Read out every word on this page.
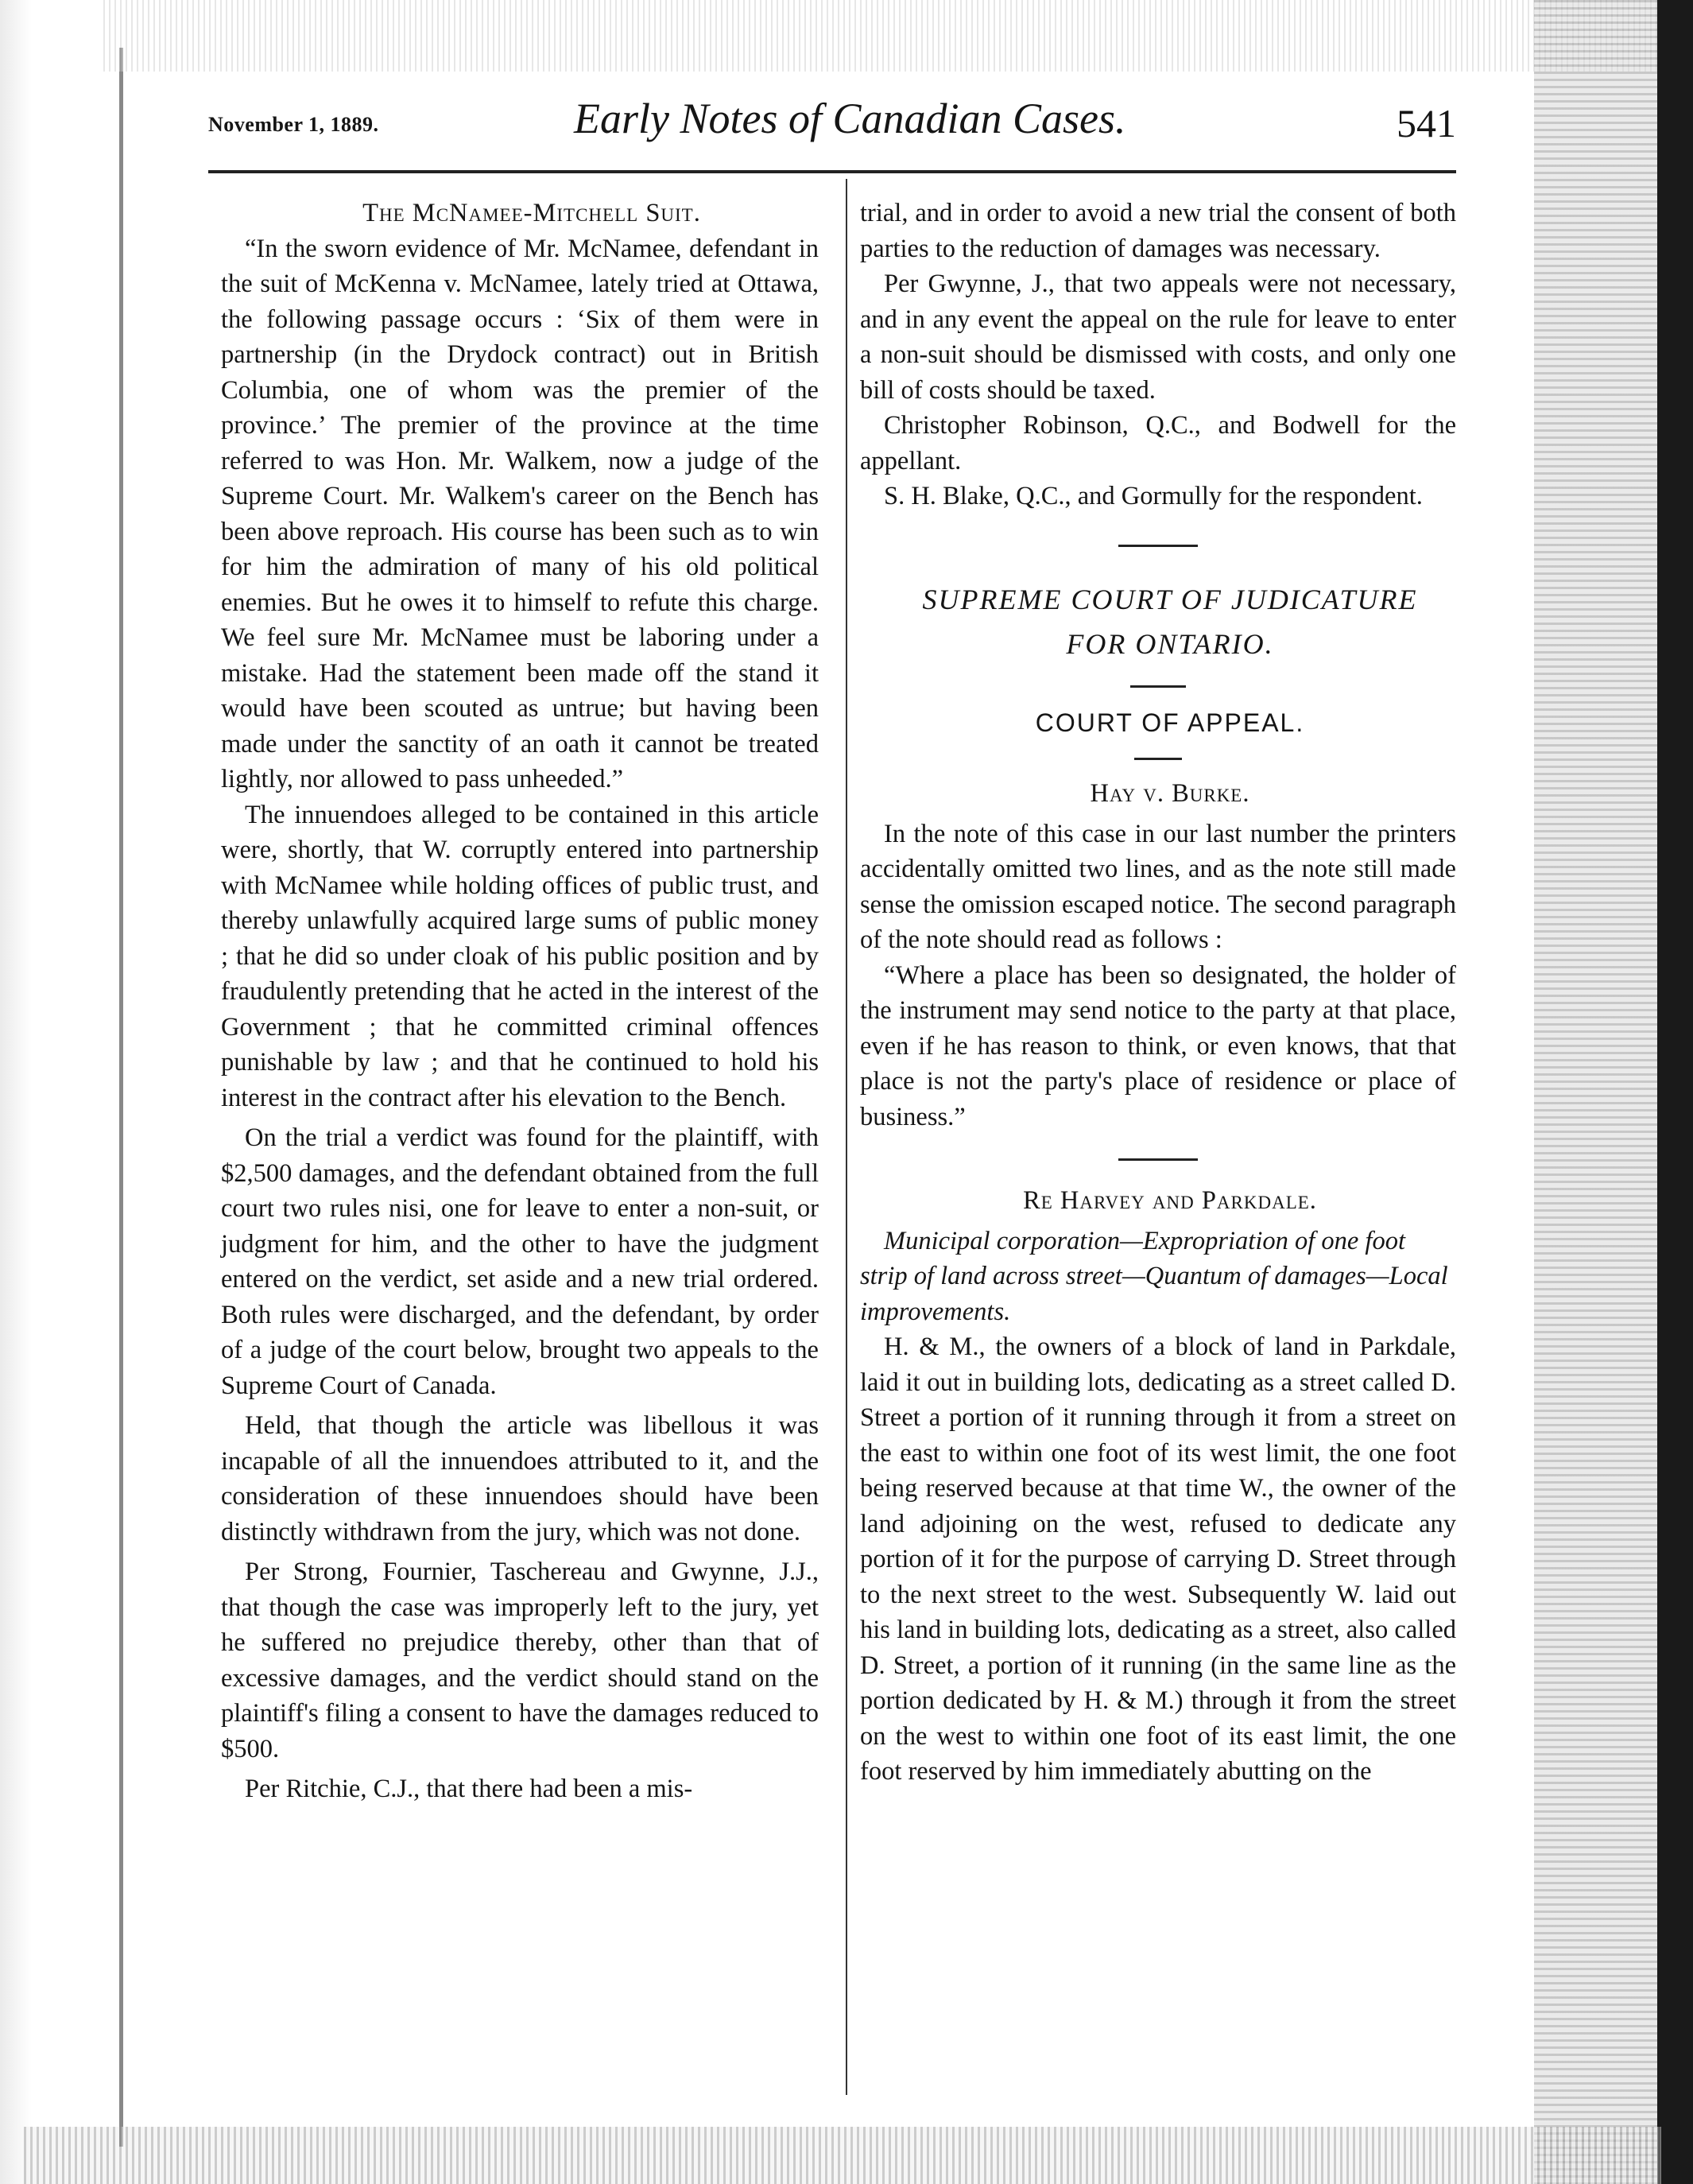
November 1, 1889.	Early Notes of Canadian Cases.	541

The McNamee-Mitchell Suit.

“In the sworn evidence of Mr. McNamee, defendant in the suit of McKenna v. McNamee, lately tried at Ottawa, the following passage occurs : ‘Six of them were in partnership (in the Drydock contract) out in British Columbia, one of whom was the premier of the province.’ The premier of the province at the time referred to was Hon. Mr. Walkem, now a judge of the Supreme Court. Mr. Walkem's career on the Bench has been above reproach. His course has been such as to win for him the admiration of many of his old political enemies. But he owes it to himself to refute this charge. We feel sure Mr. McNamee must be laboring under a mistake. Had the statement been made off the stand it would have been scouted as untrue; but having been made under the sanctity of an oath it cannot be treated lightly, nor allowed to pass unheeded.”

The innuendoes alleged to be contained in this article were, shortly, that W. corruptly entered into partnership with McNamee while holding offices of public trust, and thereby unlawfully acquired large sums of public money ; that he did so under cloak of his public position and by fraudulently pretending that he acted in the interest of the Government ; that he committed criminal offences punishable by law ; and that he continued to hold his interest in the contract after his elevation to the Bench.

On the trial a verdict was found for the plaintiff, with $2,500 damages, and the defendant obtained from the full court two rules nisi, one for leave to enter a non-suit, or judgment for him, and the other to have the judgment entered on the verdict, set aside and a new trial ordered. Both rules were discharged, and the defendant, by order of a judge of the court below, brought two appeals to the Supreme Court of Canada.

Held, that though the article was libellous it was incapable of all the innuendoes attributed to it, and the consideration of these innuendoes should have been distinctly withdrawn from the jury, which was not done.

Per Strong, Fournier, Taschereau and Gwynne, J.J., that though the case was improperly left to the jury, yet he suffered no prejudice thereby, other than that of excessive damages, and the verdict should stand on the plaintiff's filing a consent to have the damages reduced to $500.

Per Ritchie, C.J., that there had been a mis-

trial, and in order to avoid a new trial the consent of both parties to the reduction of damages was necessary.

Per Gwynne, J., that two appeals were not necessary, and in any event the appeal on the rule for leave to enter a non-suit should be dismissed with costs, and only one bill of costs should be taxed.

Christopher Robinson, Q.C., and Bodwell for the appellant.

S. H. Blake, Q.C., and Gormully for the respondent.

SUPREME COURT OF JUDICATURE

FOR ONTARIO.

COURT OF APPEAL.

Hay v. Burke.

In the note of this case in our last number the printers accidentally omitted two lines, and as the note still made sense the omission escaped notice. The second paragraph of the note should read as follows :

“Where a place has been so designated, the holder of the instrument may send notice to the party at that place, even if he has reason to think, or even knows, that that place is not the party's place of residence or place of business.”

Re Harvey and Parkdale.

Municipal corporation—Expropriation of one foot strip of land across street—Quantum of damages—Local improvements.

H. & M., the owners of a block of land in Parkdale, laid it out in building lots, dedicating as a street called D. Street a portion of it running through it from a street on the east to within one foot of its west limit, the one foot being reserved because at that time W., the owner of the land adjoining on the west, refused to dedicate any portion of it for the purpose of carrying D. Street through to the next street to the west. Subsequently W. laid out his land in building lots, dedicating as a street, also called D. Street, a portion of it running (in the same line as the portion dedicated by H. & M.) through it from the street on the west to within one foot of its east limit, the one foot reserved by him immediately abutting on the
